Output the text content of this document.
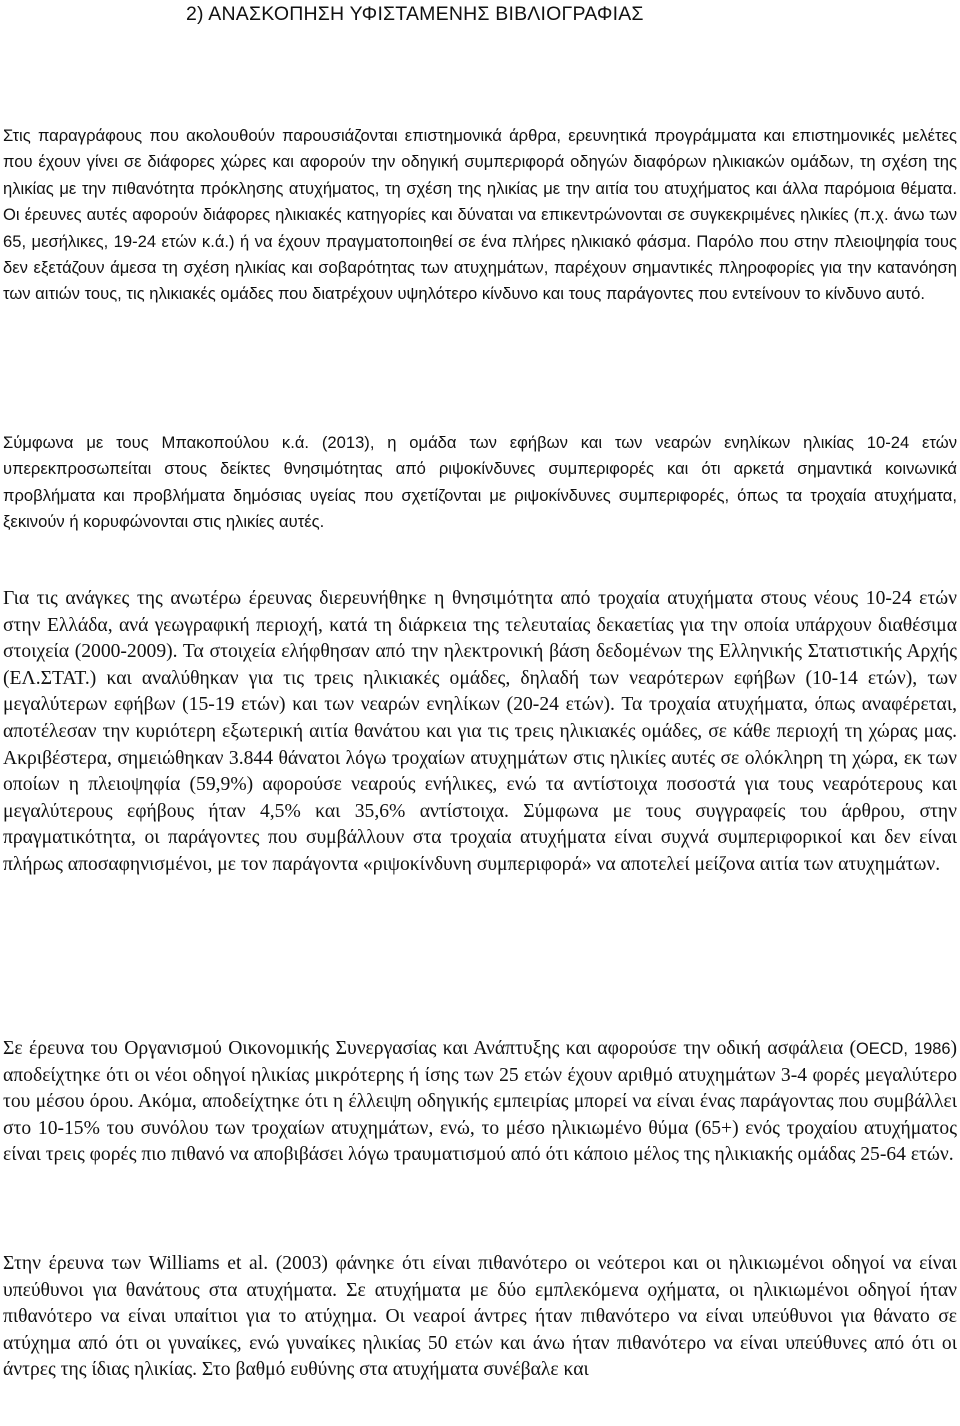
2) ΑΝΑΣΚΟΠΗΣΗ ΥΦΙΣΤΑΜΕΝΗΣ ΒΙΒΛΙΟΓΡΑΦΙΑΣ

Στις παραγράφους που ακολουθούν παρουσιάζονται επιστημονικά άρθρα, ερευνητικά προγράμματα και επιστημονικές μελέτες που έχουν γίνει σε διάφορες χώρες και αφορούν την οδηγική συμπεριφορά οδηγών διαφόρων ηλικιακών ομάδων, τη σχέση της ηλικίας με την πιθανότητα πρόκλησης ατυχήματος, τη σχέση της ηλικίας με την αιτία του ατυχήματος και άλλα παρόμοια θέματα. Οι έρευνες αυτές αφορούν διάφορες ηλικιακές κατηγορίες και δύναται να επικεντρώνονται σε συγκεκριμένες ηλικίες (π.χ. άνω των 65, μεσήλικες, 19-24 ετών κ.ά.) ή να έχουν πραγματοποιηθεί σε ένα πλήρες ηλικιακό φάσμα. Παρόλο που στην πλειοψηφία τους δεν εξετάζουν άμεσα τη σχέση ηλικίας και σοβαρότητας των ατυχημάτων, παρέχουν σημαντικές πληροφορίες για την κατανόηση των αιτιών τους, τις ηλικιακές ομάδες που διατρέχουν υψηλότερο κίνδυνο και τους παράγοντες που εντείνουν το κίνδυνο αυτό.

Σύμφωνα με τους Μπακοπούλου κ.ά. (2013), η ομάδα των εφήβων και των νεαρών ενηλίκων ηλικίας 10-24 ετών υπερεκπροσωπείται στους δείκτες θνησιμότητας από ριψοκίνδυνες συμπεριφορές και ότι αρκετά σημαντικά κοινωνικά προβλήματα και προβλήματα δημόσιας υγείας που σχετίζονται με ριψοκίνδυνες συμπεριφορές, όπως τα τροχαία ατυχήματα, ξεκινούν ή κορυφώνονται στις ηλικίες αυτές.

Για τις ανάγκες της ανωτέρω έρευνας διερευνήθηκε η θνησιμότητα από τροχαία ατυχήματα στους νέους 10-24 ετών στην Ελλάδα, ανά γεωγραφική περιοχή, κατά τη διάρκεια της τελευταίας δεκαετίας για την οποία υπάρχουν διαθέσιμα στοιχεία (2000-2009). Τα στοιχεία ελήφθησαν από την ηλεκτρονική βάση δεδομένων της Ελληνικής Στατιστικής Αρχής (ΕΛ.ΣΤΑΤ.) και αναλύθηκαν για τις τρεις ηλικιακές ομάδες, δηλαδή των νεαρότερων εφήβων (10-14 ετών), των μεγαλύτερων εφήβων (15-19 ετών) και των νεαρών ενηλίκων (20-24 ετών). Τα τροχαία ατυχήματα, όπως αναφέρεται, αποτέλεσαν την κυριότερη εξωτερική αιτία θανάτου και για τις τρεις ηλικιακές ομάδες, σε κάθε περιοχή τη χώρας μας. Ακριβέστερα, σημειώθηκαν 3.844 θάνατοι λόγω τροχαίων ατυχημάτων στις ηλικίες αυτές σε ολόκληρη τη χώρα, εκ των οποίων η πλειοψηφία (59,9%) αφορούσε νεαρούς ενήλικες, ενώ τα αντίστοιχα ποσοστά για τους νεαρότερους και μεγαλύτερους εφήβους ήταν 4,5% και 35,6% αντίστοιχα. Σύμφωνα με τους συγγραφείς του άρθρου, στην πραγματικότητα, οι παράγοντες που συμβάλλουν στα τροχαία ατυχήματα είναι συχνά συμπεριφορικοί και δεν είναι πλήρως αποσαφηνισμένοι, με τον παράγοντα «ριψοκίνδυνη συμπεριφορά» να αποτελεί μείζονα αιτία των ατυχημάτων.

Σε έρευνα του Οργανισμού Οικονομικής Συνεργασίας και Ανάπτυξης και αφορούσε την οδική ασφάλεια (OECD, 1986) αποδείχτηκε ότι οι νέοι οδηγοί ηλικίας μικρότερης ή ίσης των 25 ετών έχουν αριθμό ατυχημάτων 3-4 φορές μεγαλύτερο του μέσου όρου. Ακόμα, αποδείχτηκε ότι η έλλειψη οδηγικής εμπειρίας μπορεί να είναι ένας παράγοντας που συμβάλλει στο 10-15% του συνόλου των τροχαίων ατυχημάτων, ενώ, το μέσο ηλικιωμένο θύμα (65+) ενός τροχαίου ατυχήματος είναι τρεις φορές πιο πιθανό να αποβιβάσει λόγω τραυματισμού από ότι κάποιο μέλος της ηλικιακής ομάδας 25-64 ετών.

Στην έρευνα των Williams et al. (2003) φάνηκε ότι είναι πιθανότερο οι νεότεροι και οι ηλικιωμένοι οδηγοί να είναι υπεύθυνοι για θανάτους στα ατυχήματα. Σε ατυχήματα με δύο εμπλεκόμενα οχήματα, οι ηλικιωμένοι οδηγοί ήταν πιθανότερο να είναι υπαίτιοι για το ατύχημα. Οι νεαροί άντρες ήταν πιθανότερο να είναι υπεύθυνοι για θάνατο σε ατύχημα από ότι οι γυναίκες, ενώ γυναίκες ηλικίας 50 ετών και άνω ήταν πιθανότερο να είναι υπεύθυνες από ότι οι άντρες της ίδιας ηλικίας. Στο βαθμό ευθύνης στα ατυχήματα συνέβαλε και
